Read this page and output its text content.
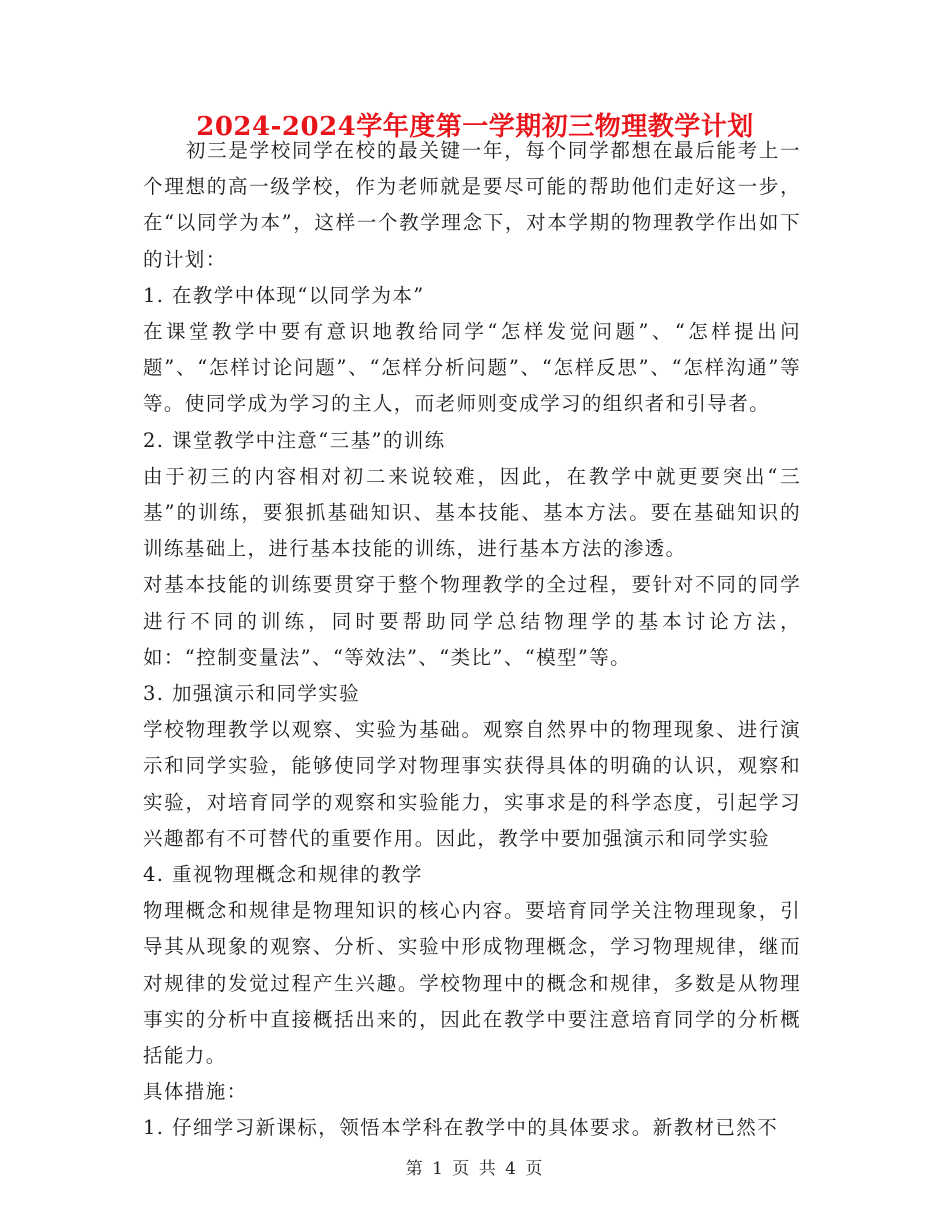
2024-2024学年度第一学期初三物理教学计划

初三是学校同学在校的最关键一年，每个同学都想在最后能考上一个理想的高一级学校，作为老师就是要尽可能的帮助他们走好这一步，在“以同学为本”，这样一个教学理念下，对本学期的物理教学作出如下的计划：

1. 在教学中体现“以同学为本”

在课堂教学中要有意识地教给同学“怎样发觉问题”、“怎样提出问题”、“怎样讨论问题”、“怎样分析问题”、“怎样反思”、“怎样沟通”等等。使同学成为学习的主人，而老师则变成学习的组织者和引导者。

2. 课堂教学中注意“三基”的训练

由于初三的内容相对初二来说较难，因此，在教学中就更要突出“三基”的训练，要狠抓基础知识、基本技能、基本方法。要在基础知识的训练基础上，进行基本技能的训练，进行基本方法的渗透。

对基本技能的训练要贯穿于整个物理教学的全过程，要针对不同的同学进行不同的训练，同时要帮助同学总结物理学的基本讨论方法，如：“控制变量法”、“等效法”、“类比”、“模型”等。

3. 加强演示和同学实验

学校物理教学以观察、实验为基础。观察自然界中的物理现象、进行演示和同学实验，能够使同学对物理事实获得具体的明确的认识，观察和实验，对培育同学的观察和实验能力，实事求是的科学态度，引起学习兴趣都有不可替代的重要作用。因此，教学中要加强演示和同学实验

4. 重视物理概念和规律的教学

物理概念和规律是物理知识的核心内容。要培育同学关注物理现象，引导其从现象的观察、分析、实验中形成物理概念，学习物理规律，继而对规律的发觉过程产生兴趣。学校物理中的概念和规律，多数是从物理事实的分析中直接概括出来的，因此在教学中要注意培育同学的分析概括能力。

具体措施：

1. 仔细学习新课标，领悟本学科在教学中的具体要求。新教材已然不

第 1 页 共 4 页
